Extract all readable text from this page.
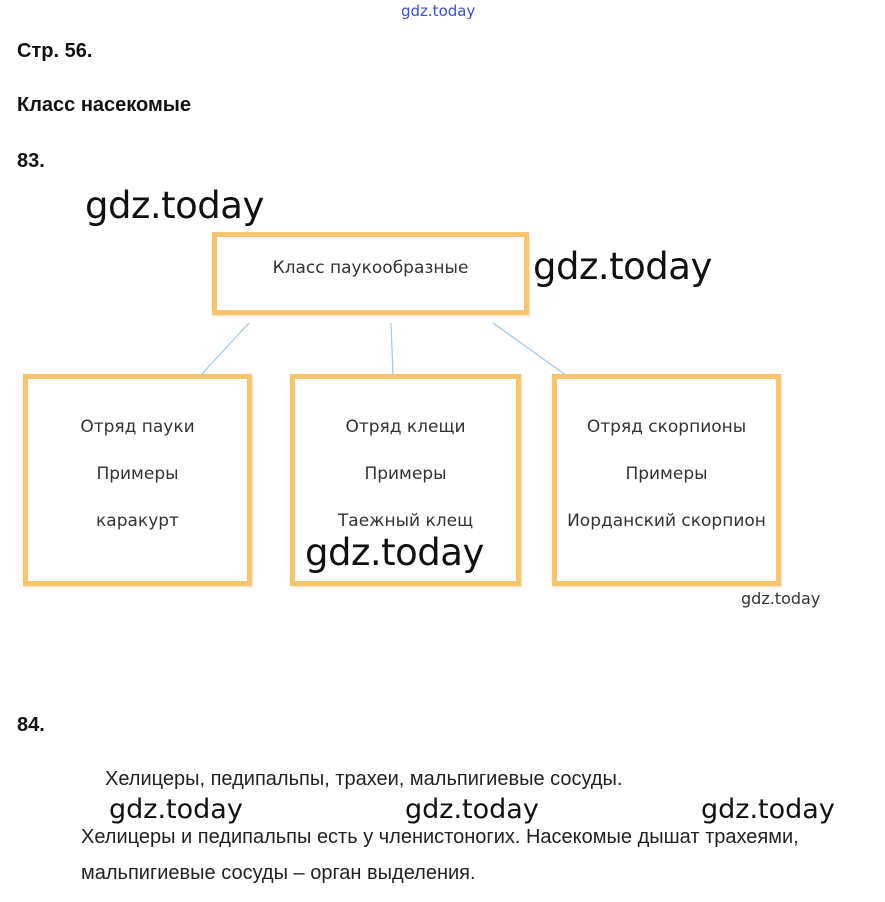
gdz.today
Стр. 56.
Класс насекомые
83.
Класс паукообразные
Отряд пауки
Примеры
каракурт
Отряд клещи
Примеры
Таежный клещ
Отряд скорпионы
Примеры
Иорданский скорпион
gdz.today
gdz.today
gdz.today
gdz.today
84.
Хелицеры, педипальпы, трахеи, мальпигиевые сосуды.
gdz.today	gdz.today	gdz.today
Хелицеры и педипальпы есть у членистоногих. Насекомые дышат трахеями,
мальпигиевые сосуды – орган выделения.
